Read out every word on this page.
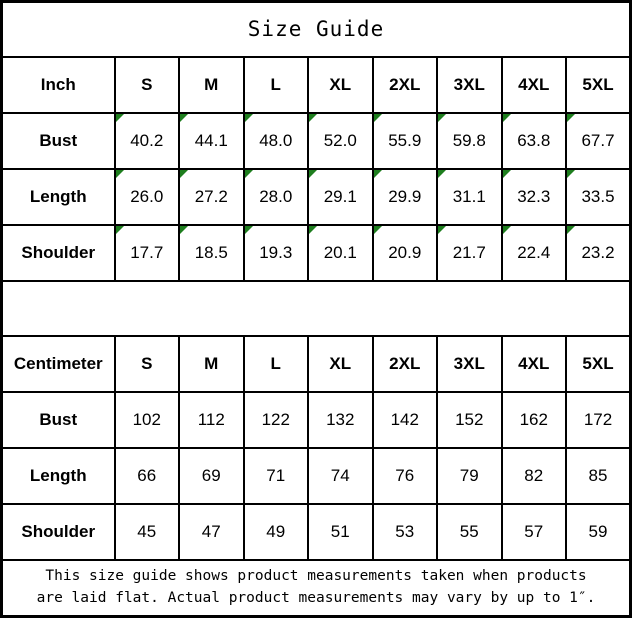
Size Guide								
Inch	S	M	L	XL	2XL	3XL	4XL	5XL
Bust	40.2	44.1	48.0	52.0	55.9	59.8	63.8	67.7
Length	26.0	27.2	28.0	29.1	29.9	31.1	32.3	33.5
Shoulder	17.7	18.5	19.3	20.1	20.9	21.7	22.4	23.2

Centimeter	S	M	L	XL	2XL	3XL	4XL	5XL
Bust	102	112	122	132	142	152	162	172
Length	66	69	71	74	76	79	82	85
Shoulder	45	47	49	51	53	55	57	59

This size guide shows product measurements taken when products
are laid flat. Actual product measurements may vary by up to 1″.								
